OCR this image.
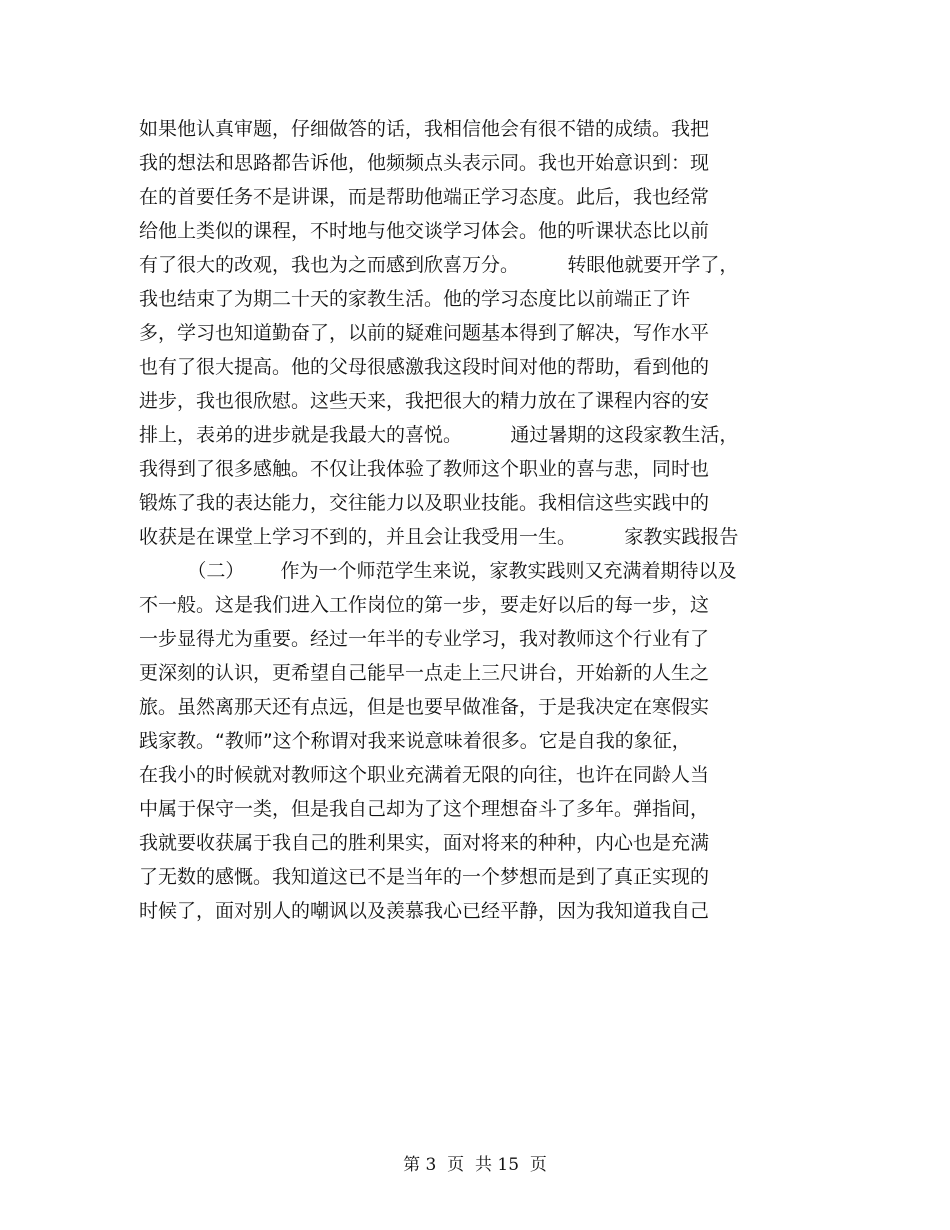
如果他认真审题，仔细做答的话，我相信他会有很不错的成绩。我把
我的想法和思路都告诉他，他频频点头表示同。我也开始意识到：现
在的首要任务不是讲课，而是帮助他端正学习态度。此后，我也经常
给他上类似的课程，不时地与他交谈学习体会。他的听课状态比以前
有了很大的改观，我也为之而感到欣喜万分。        转眼他就要开学了，
我也结束了为期二十天的家教生活。他的学习态度比以前端正了许
多，学习也知道勤奋了，以前的疑难问题基本得到了解决，写作水平
也有了很大提高。他的父母很感激我这段时间对他的帮助，看到他的
进步，我也很欣慰。这些天来，我把很大的精力放在了课程内容的安
排上，表弟的进步就是我最大的喜悦。        通过暑期的这段家教生活，
我得到了很多感触。不仅让我体验了教师这个职业的喜与悲，同时也
锻炼了我的表达能力，交往能力以及职业技能。我相信这些实践中的
收获是在课堂上学习不到的，并且会让我受用一生。        家教实践报告
（二）      作为一个师范学生来说，家教实践则又充满着期待以及
不一般。这是我们进入工作岗位的第一步，要走好以后的每一步，这
一步显得尤为重要。经过一年半的专业学习，我对教师这个行业有了
更深刻的认识，更希望自己能早一点走上三尺讲台，开始新的人生之
旅。虽然离那天还有点远，但是也要早做准备，于是我决定在寒假实
践家教。“教师”这个称谓对我来说意味着很多。它是自我的象征，
在我小的时候就对教师这个职业充满着无限的向往，也许在同龄人当
中属于保守一类，但是我自己却为了这个理想奋斗了多年。弹指间，
我就要收获属于我自己的胜利果实，面对将来的种种，内心也是充满
了无数的感慨。我知道这已不是当年的一个梦想而是到了真正实现的
时候了，面对别人的嘲讽以及羡慕我心已经平静，因为我知道我自己
第 3  页  共 15  页
